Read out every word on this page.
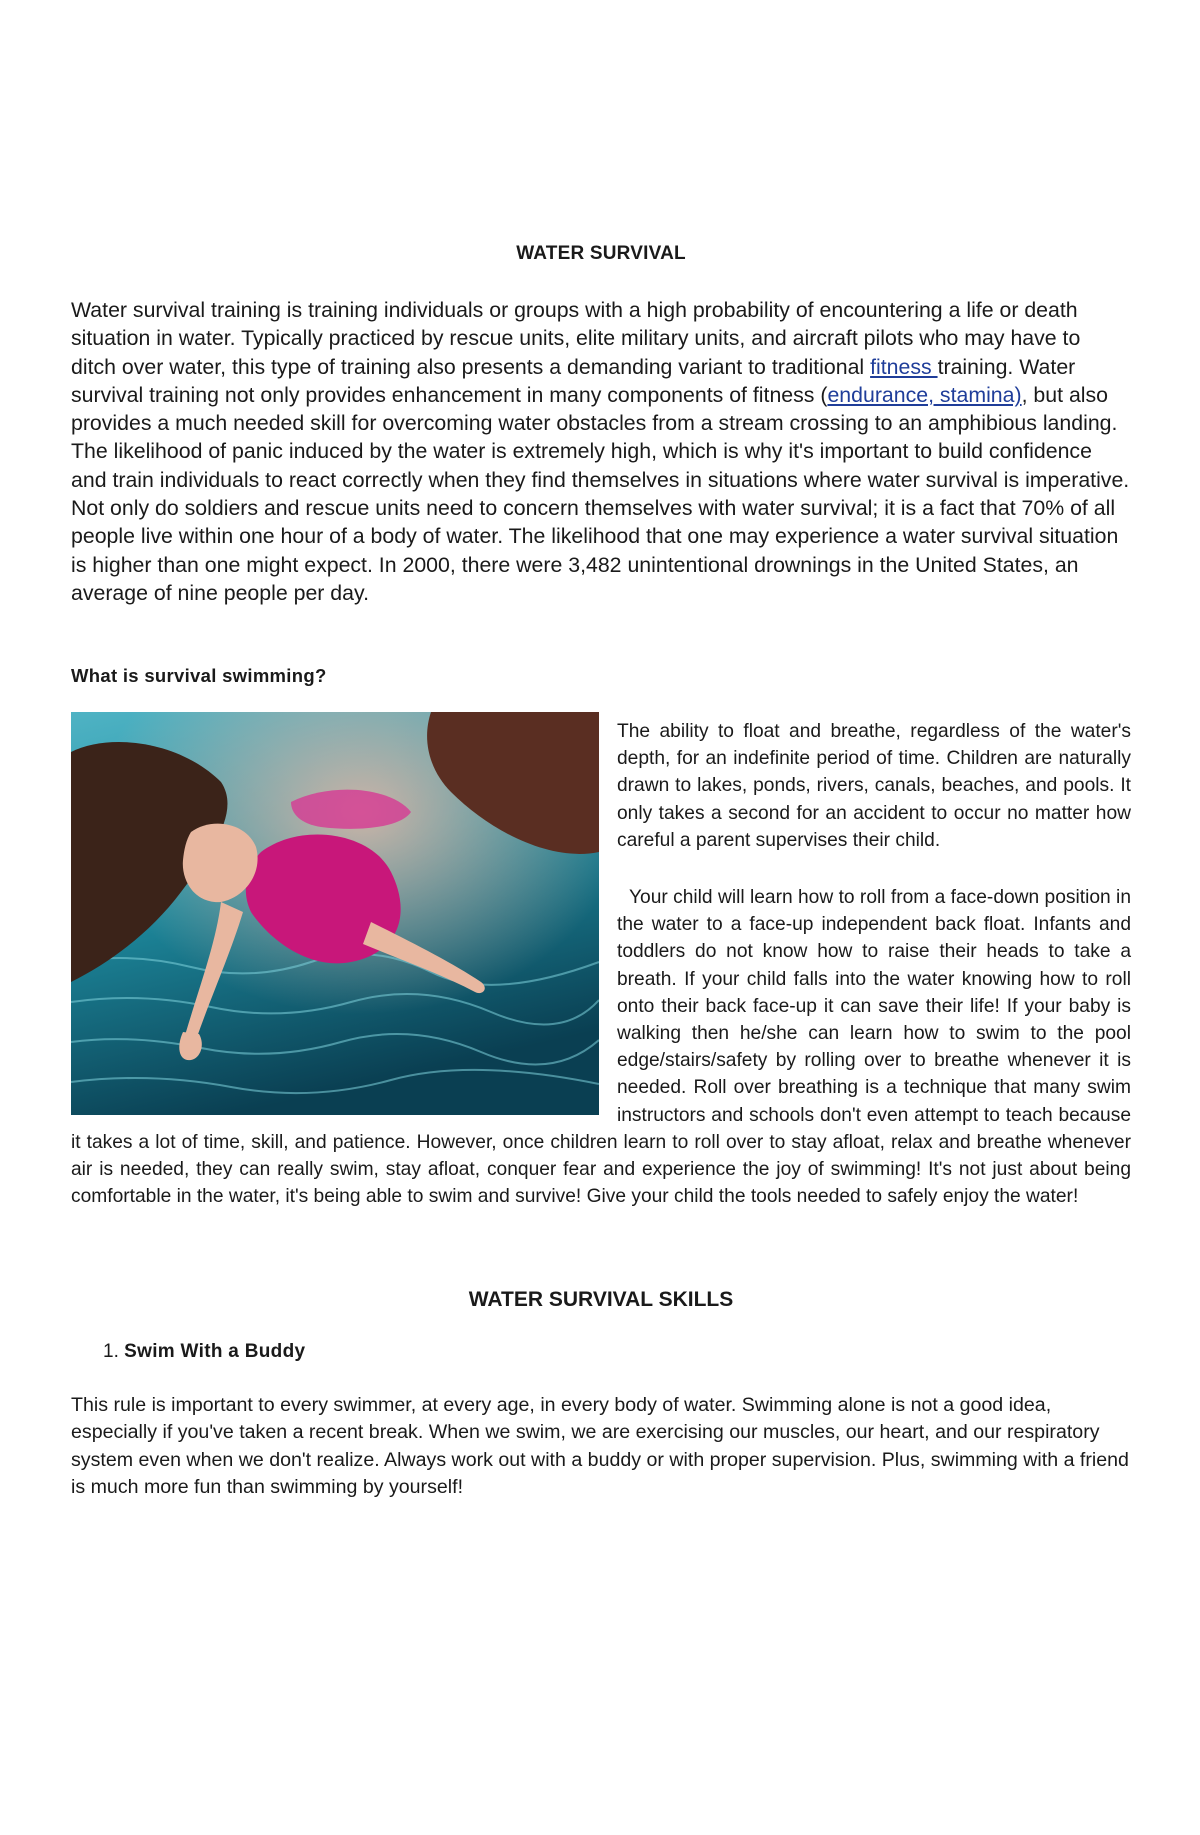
WATER SURVIVAL

Water survival training is training individuals or groups with a high probability of encountering a life or death situation in water. Typically practiced by rescue units, elite military units, and aircraft pilots who may have to ditch over water, this type of training also presents a demanding variant to traditional fitness training. Water survival training not only provides enhancement in many components of fitness (endurance, stamina), but also provides a much needed skill for overcoming water obstacles from a stream crossing to an amphibious landing. The likelihood of panic induced by the water is extremely high, which is why it's important to build confidence and train individuals to react correctly when they find themselves in situations where water survival is imperative. Not only do soldiers and rescue units need to concern themselves with water survival; it is a fact that 70% of all people live within one hour of a body of water. The likelihood that one may experience a water survival situation is higher than one might expect. In 2000, there were 3,482 unintentional drownings in the United States, an average of nine people per day.

What is survival swimming?

The ability to float and breathe, regardless of the water's depth, for an indefinite period of time. Children are naturally drawn to lakes, ponds, rivers, canals, beaches, and pools. It only takes a second for an accident to occur no matter how careful a parent supervises their child.

Your child will learn how to roll from a face-down position in the water to a face-up independent back float. Infants and toddlers do not know how to raise their heads to take a breath. If your child falls into the water knowing how to roll onto their back face-up it can save their life! If your baby is walking then he/she can learn how to swim to the pool edge/stairs/safety by rolling over to breathe whenever it is needed. Roll over breathing is a technique that many swim instructors and schools don't even attempt to teach because it takes a lot of time, skill, and patience. However, once children learn to roll over to stay afloat, relax and breathe whenever air is needed, they can really swim, stay afloat, conquer fear and experience the joy of swimming! It's not just about being comfortable in the water, it's being able to swim and survive! Give your child the tools needed to safely enjoy the water!

WATER SURVIVAL SKILLS
1. Swim With a Buddy

This rule is important to every swimmer, at every age, in every body of water. Swimming alone is not a good idea, especially if you've taken a recent break. When we swim, we are exercising our muscles, our heart, and our respiratory system even when we don't realize. Always work out with a buddy or with proper supervision. Plus, swimming with a friend is much more fun than swimming by yourself!
